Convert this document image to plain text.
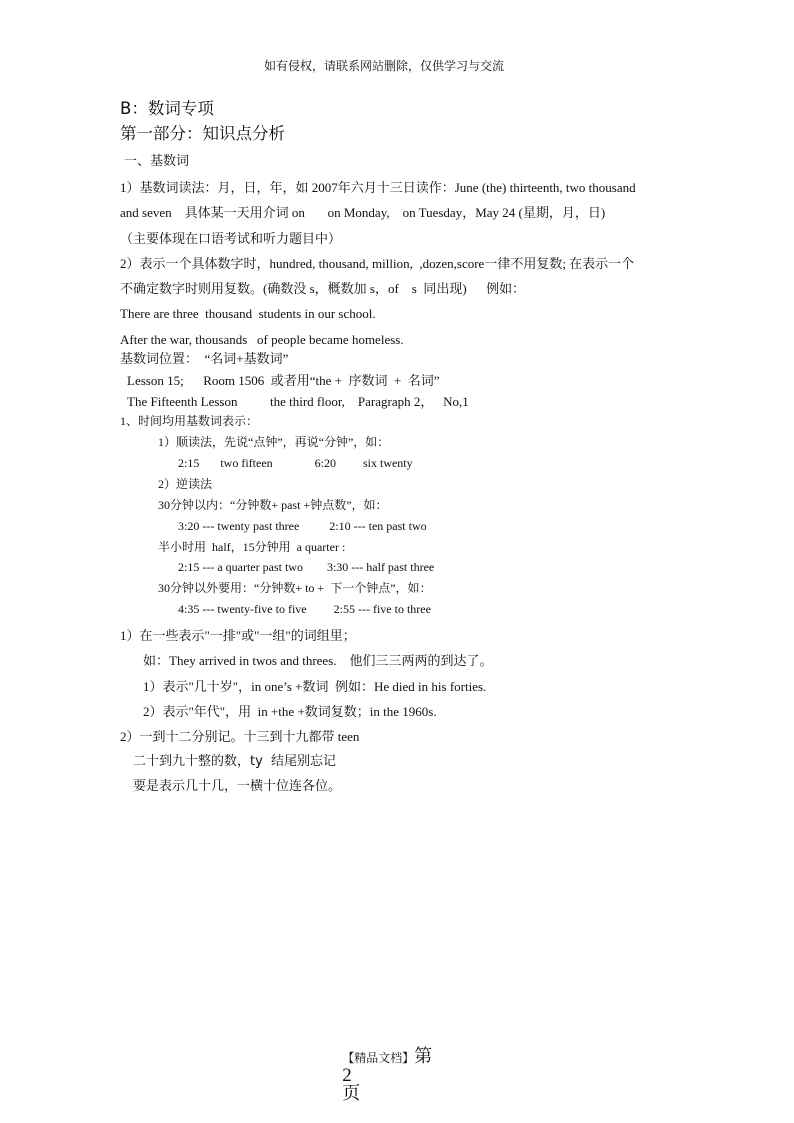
如有侵权，请联系网站删除，仅供学习与交流
B：数词专项
第一部分：知识点分析
一、基数词
1）基数词读法：月，日，年，如 2007年六月十三日读作：June (the) thirteenth, two thousand
and seven    具体某一天用介词 on       on Monday,    on Tuesday，May 24 (星期，月，日)
（主要体现在口语考试和听力题目中）
2）表示一个具体数字时，hundred, thousand, million,  ,dozen,score一律不用复数; 在表示一个
不确定数字时则用复数。(确数没 s，概数加 s，of    s  同出现)      例如：
There are three  thousand  students in our school.
After the war, thousands   of people became homeless.
基数词位置：  “名词+基数词”
Lesson 15;      Room 1506  或者用“the +  序数词  +  名词”
The Fifteenth Lesson          the third floor,    Paragraph 2，   No,1
1、时间均用基数词表示：
1）顺读法，先说“点钟”，再说“分钟”，如：
2:15       two fifteen              6:20         six twenty
2）逆读法
30分钟以内：“分钟数+ past +钟点数”，如：
3:20 --- twenty past three          2:10 --- ten past two
半小时用  half，15分钟用  a quarter :
2:15 --- a quarter past two        3:30 --- half past three
30分钟以外要用：“分钟数+ to +  下一个钟点”，如：
4:35 --- twenty-five to five         2:55 --- five to three
1）在一些表示"一排"或"一组"的词组里；
如：They arrived in twos and threes.    他们三三两两的到达了。
1）表示"几十岁"，in one’s +数词  例如：He died in his forties.
2）表示"年代"，用  in +the +数词复数；in the 1960s.
2）一到十二分别记。十三到十九都带 teen
二十到九十整的数，ty  结尾别忘记
要是表示几十几，一横十位连各位。

【精品文档】第
2
页
